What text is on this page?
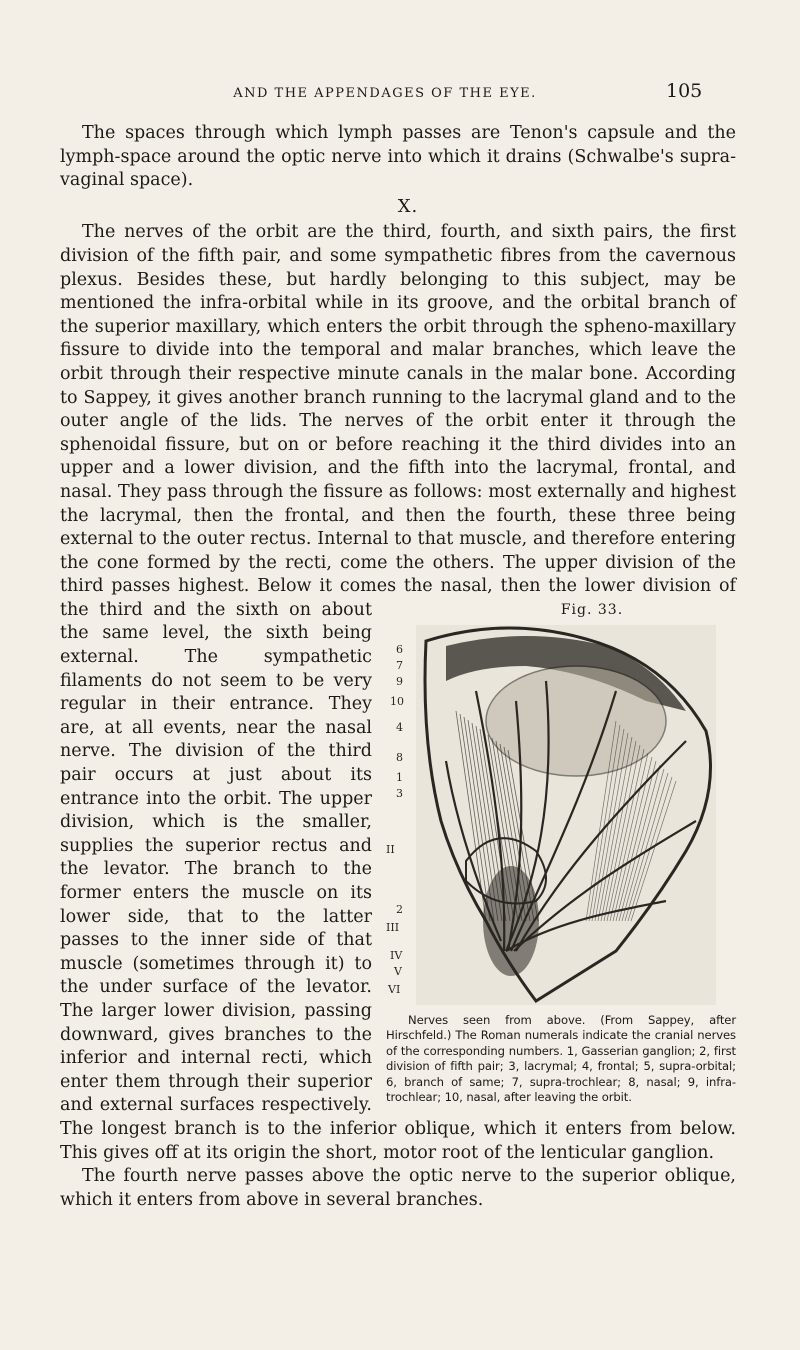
AND THE APPENDAGES OF THE EYE.	105

The spaces through which lymph passes are Tenon's capsule and the lymph-space around the optic nerve into which it drains (Schwalbe's supra-vaginal space).

X.

The nerves of the orbit are the third, fourth, and sixth pairs, the first division of the fifth pair, and some sympathetic fibres from the cavernous plexus. Besides these, but hardly belonging to this subject, may be mentioned the infra-orbital while in its groove, and the orbital branch of the superior maxillary, which enters the orbit through the spheno-maxillary fissure to divide into the temporal and malar branches, which leave the orbit through their respective minute canals in the malar bone. According to Sappey, it gives another branch running to the lacrymal gland and to the outer angle of the lids. The nerves of the orbit enter it through the sphenoidal fissure, but on or before reaching it the third divides into an upper and a lower division, and the fifth into the lacrymal, frontal, and nasal. They pass through the fissure as follows: most externally and highest the lacrymal, then the frontal, and then the fourth, these three being external to the outer rectus. Internal to that muscle, and therefore entering the cone formed by the recti, come the others. The upper division of the third passes highest. Below it comes the nasal, then the lower division of the third	Fig. 33.
6
7
9
10
4
8
1
3
II
2
III
IV
V
VI
Nerves seen from above. (From Sappey, after Hirschfeld.) The Roman numerals indicate the cranial nerves of the corresponding numbers. 1, Gasserian ganglion; 2, first division of fifth pair; 3, lacrymal; 4, frontal; 5, supra-orbital; 6, branch of same; 7, supra-trochlear; 8, nasal; 9, infra-trochlear; 10, nasal, after leaving the orbit.
and the sixth on about the same level, the sixth being external. The sympathetic filaments do not seem to be very regular in their entrance. They are, at all events, near the nasal nerve. The division of the third pair occurs at just about its entrance into the orbit. The upper division, which is the smaller, supplies the superior rectus and the levator. The branch to the former enters the muscle on its lower side, that to the latter passes to the inner side of that muscle (sometimes through it) to the under surface of the levator. The larger lower division, passing downward, gives branches to the inferior and internal recti, which enter them through their superior and external surfaces respectively. The longest branch is to the inferior oblique, which it enters from below. This gives off at its origin the short, motor root of the lenticular ganglion.

The fourth nerve passes above the optic nerve to the superior oblique, which it enters from above in several branches.
